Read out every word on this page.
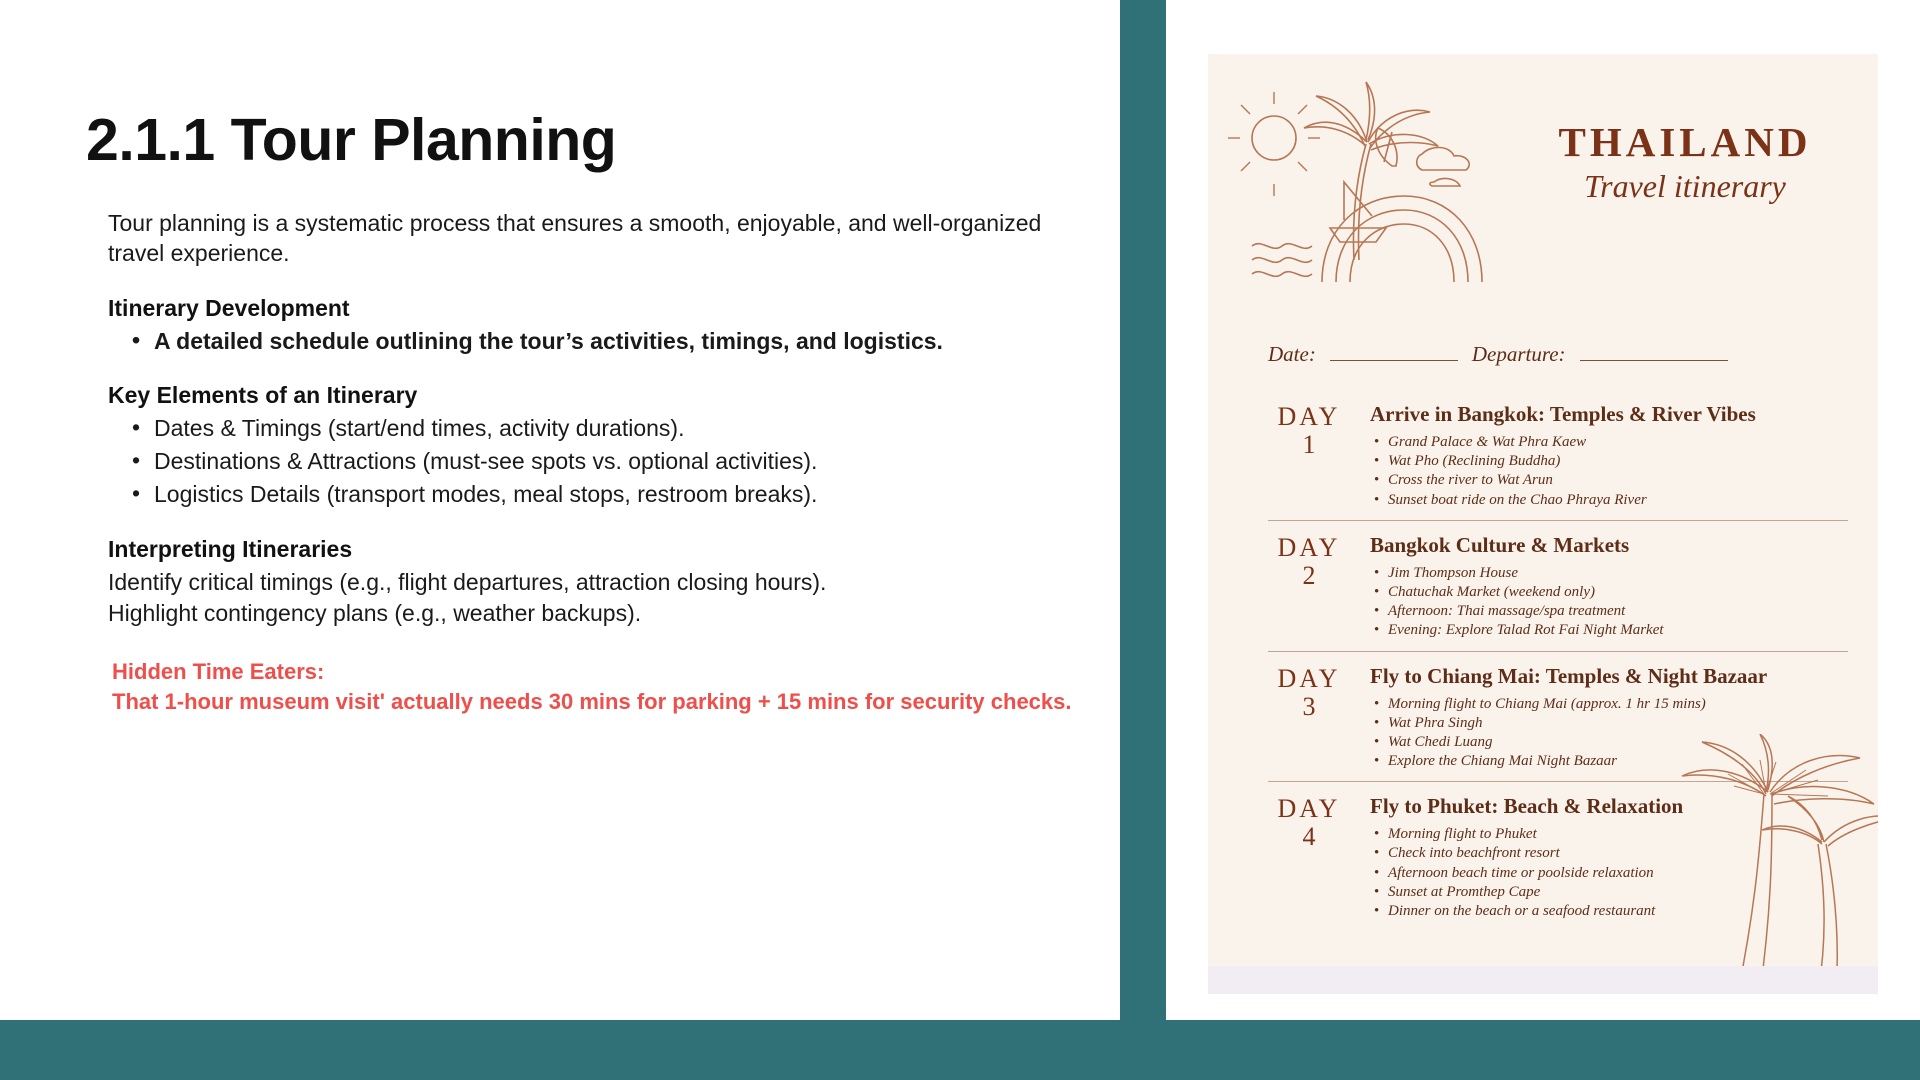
2.1.1 Tour Planning

Tour planning is a systematic process that ensures a smooth, enjoyable, and well-organized travel experience.

Itinerary Development

• A detailed schedule outlining the tour’s activities, timings, and logistics.

Key Elements of an Itinerary

• Dates & Timings (start/end times, activity durations).
• Destinations & Attractions (must-see spots vs. optional activities).
• Logistics Details (transport modes, meal stops, restroom breaks).

Interpreting Itineraries

Identify critical timings (e.g., flight departures, attraction closing hours).

Highlight contingency plans (e.g., weather backups).

Hidden Time Eaters:

That 1-hour museum visit' actually needs 30 mins for parking + 15 mins for security checks.

THAILAND

Travel itinerary

Date:	Departure:
DAY
1

Arrive in Bangkok: Temples & River Vibes

• Grand Palace & Wat Phra Kaew
• Wat Pho (Reclining Buddha)
• Cross the river to Wat Arun
• Sunset boat ride on the Chao Phraya River
DAY
2

Bangkok Culture & Markets

• Jim Thompson House
• Chatuchak Market (weekend only)
• Afternoon: Thai massage/spa treatment
• Evening: Explore Talad Rot Fai Night Market
DAY
3

Fly to Chiang Mai: Temples & Night Bazaar

• Morning flight to Chiang Mai (approx. 1 hr 15 mins)
• Wat Phra Singh
• Wat Chedi Luang
• Explore the Chiang Mai Night Bazaar
DAY
4

Fly to Phuket: Beach & Relaxation

• Morning flight to Phuket
• Check into beachfront resort
• Afternoon beach time or poolside relaxation
• Sunset at Promthep Cape
• Dinner on the beach or a seafood restaurant
